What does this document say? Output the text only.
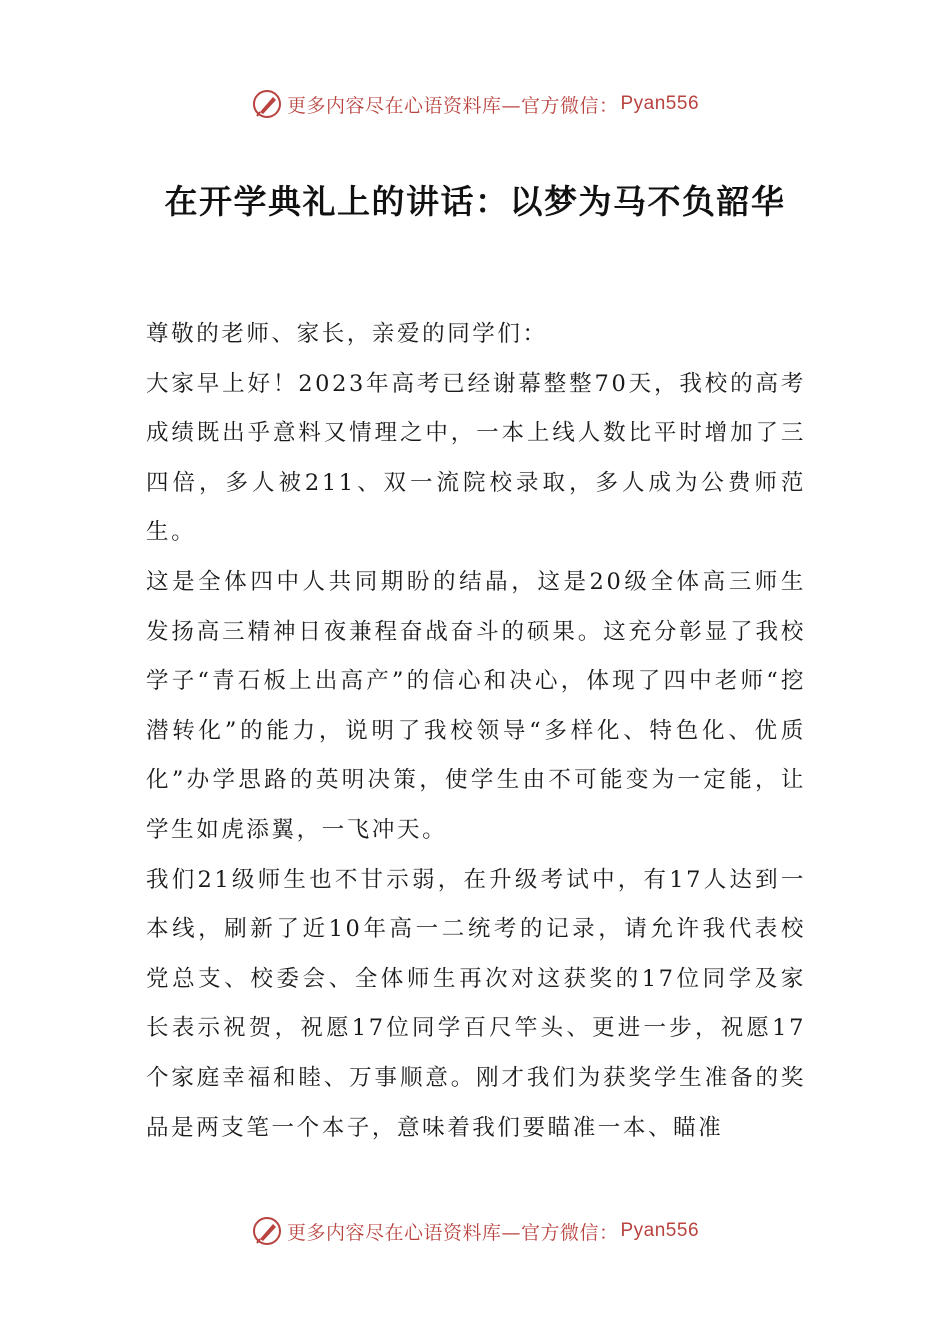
更多内容尽在心语资料库—官方微信： Pyan556
在开学典礼上的讲话：以梦为马不负韶华

尊敬的老师、家长，亲爱的同学们：

大家早上好！2023年高考已经谢幕整整70天，我校的高考成绩既出乎意料又情理之中，一本上线人数比平时增加了三四倍，多人被211、双一流院校录取，多人成为公费师范生。

这是全体四中人共同期盼的结晶，这是20级全体高三师生发扬高三精神日夜兼程奋战奋斗的硕果。这充分彰显了我校学子“青石板上出高产”的信心和决心，体现了四中老师“挖潜转化”的能力，说明了我校领导“多样化、特色化、优质化”办学思路的英明决策，使学生由不可能变为一定能，让学生如虎添翼，一飞冲天。

我们21级师生也不甘示弱，在升级考试中，有17人达到一本线，刷新了近10年高一二统考的记录，请允许我代表校党总支、校委会、全体师生再次对这获奖的17位同学及家长表示祝贺，祝愿17位同学百尺竿头、更进一步，祝愿17个家庭幸福和睦、万事顺意。刚才我们为获奖学生准备的奖品是两支笔一个本子，意味着我们要瞄准一本、瞄准

更多内容尽在心语资料库—官方微信： Pyan556
